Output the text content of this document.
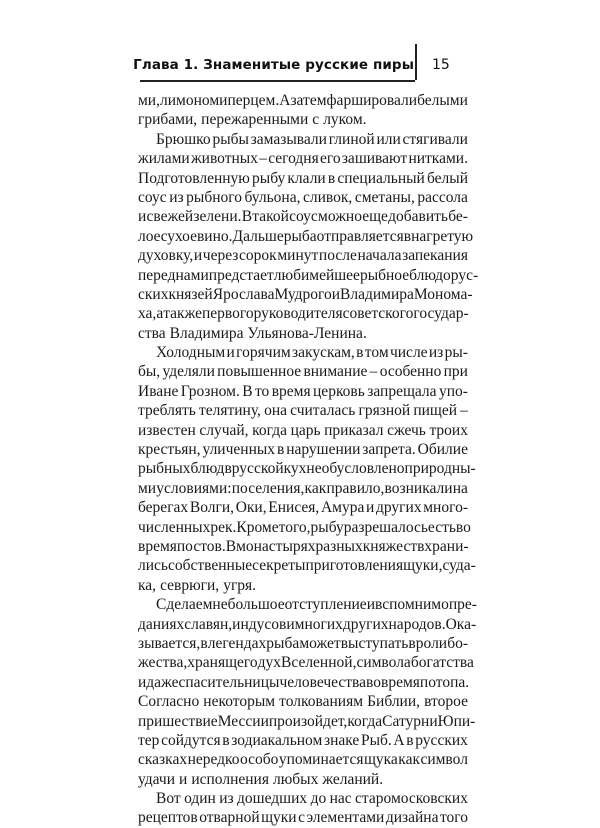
Глава 1. Знаменитые русские пиры 15
ми, лимоном и перцем. А затем фаршировали белыми
грибами, пережаренными с луком.
Брюшко рыбы замазывали глиной или стягивали
жилами животных – сегодня его зашивают нитками.
Подготовленную рыбу клали в специальный белый
соус из рыбного бульона, сливок, сметаны, рассола
и свежей зелени. В такой соус можно еще добавить бе-
лое сухое вино. Дальше рыба отправляется в нагретую
духовку, и через сорок минут после начала запекания
перед нами предстает любимейшее рыбное блюдо рус-
ских князей Ярослава Мудрого и Владимира Монома-
ха, а также первого руководителя советского государ-
ства Владимира Ульянова-Ленина.
Холодным и горячим закускам, в том числе из ры-
бы, уделяли повышенное внимание – особенно при
Иване Грозном. В то время церковь запрещала упо-
треблять телятину, она считалась грязной пищей –
известен случай, когда царь приказал сжечь троих
крестьян, уличенных в нарушении запрета. Обилие
рыбных блюд в русской кухне обусловлено природны-
ми условиями: поселения, как правило, возникали на
берегах Волги, Оки, Енисея, Амура и других много-
численных рек. Кроме того, рыбу разрешалось есть во
время постов. В монастырях разных княжеств храни-
лись собственные секреты приготовления щуки, суда-
ка, севрюги, угря.
Сделаем небольшое отступление и вспомним о пре-
даниях славян, индусов и многих других народов. Ока-
зывается, в легендах рыба может выступать в роли бо-
жества, хранящего дух Вселенной, символа богатства
и даже спасительницы человечества во время потопа.
Согласно некоторым толкованиям Библии, второе
пришествие Мессии произойдет, когда Сатурн и Юпи-
тер сойдутся в зодиакальном знаке Рыб. А в русских
сказках нередко особо упоминается щука как символ
удачи и исполнения любых желаний.
Вот один из дошедших до нас старомосковских
рецептов отварной щуки с элементами дизайна того
